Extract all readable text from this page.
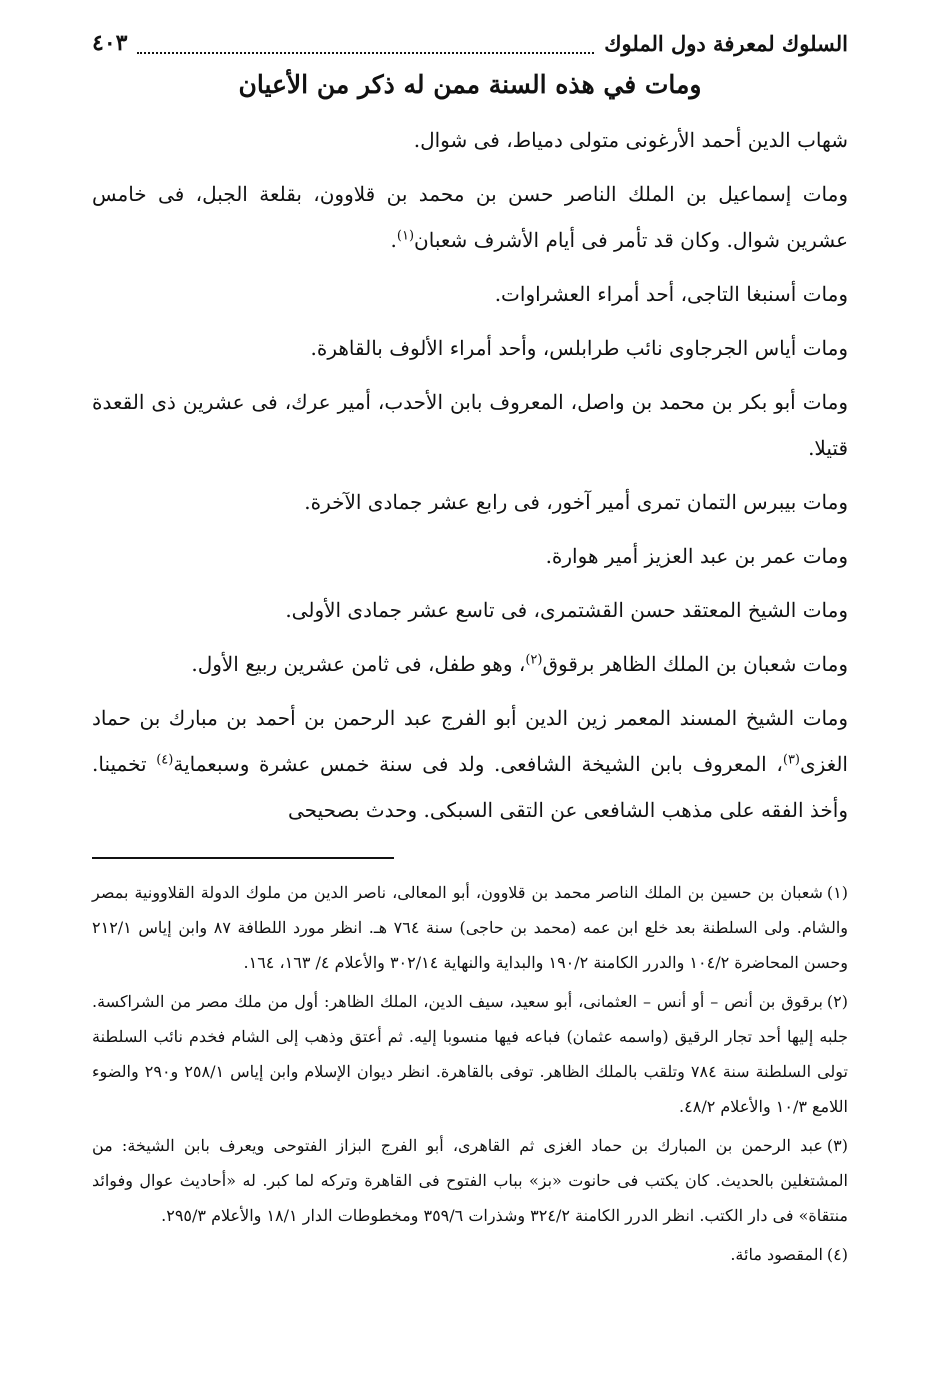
السلوك لمعرفة دول الملوك
٤٠٣
ومات في هذه السنة ممن له ذكر من الأعيان

شهاب الدين أحمد الأرغونى متولى دمياط، فى شوال.

ومات إسماعيل بن الملك الناصر حسن بن محمد بن قلاوون، بقلعة الجبل، فى خامس عشرين شوال. وكان قد تأمر فى أيام الأشرف شعبان$^{(١)}$.

ومات أسنبغا التاجى، أحد أمراء العشراوات.

ومات أياس الجرجاوى نائب طرابلس، وأحد أمراء الألوف بالقاهرة.

ومات أبو بكر بن محمد بن واصل، المعروف بابن الأحدب، أمير عرك، فى عشرين ذى القعدة قتيلا.

ومات بيبرس التمان تمرى أمير آخور، فى رابع عشر جمادى الآخرة.

ومات عمر بن عبد العزيز أمير هوارة.

ومات الشيخ المعتقد حسن القشتمرى، فى تاسع عشر جمادى الأولى.

ومات شعبان بن الملك الظاهر برقوق$^{(٢)}$، وهو طفل، فى ثامن عشرين ربيع الأول.

ومات الشيخ المسند المعمر زين الدين أبو الفرج عبد الرحمن بن أحمد بن مبارك بن حماد الغزى$^{(٣)}$، المعروف بابن الشيخة الشافعى. ولد فى سنة خمس عشرة وسبعماية$^{(٤)}$ تخمينا. وأخذ الفقه على مذهب الشافعى عن التقى السبكى. وحدث بصحيحى

(١)شعبان بن حسين بن الملك الناصر محمد بن قلاوون، أبو المعالى، ناصر الدين من ملوك الدولة القلاوونية بمصر والشام. ولى السلطنة بعد خلع ابن عمه (محمد بن حاجى) سنة ٧٦٤ هـ. انظر مورد اللطافة ٨٧ وابن إياس ٢١٢/١ وحسن المحاضرة ١٠٤/٢ والدرر الكامنة ١٩٠/٢ والبداية والنهاية ٣٠٢/١٤ والأعلام ٤/ ١٦٣، ١٦٤.

(٢)برقوق بن أنص – أو أنس – العثمانى، أبو سعيد، سيف الدين، الملك الظاهر: أول من ملك مصر من الشراكسة. جلبه إليها أحد تجار الرقيق (واسمه عثمان) فباعه فيها منسوبا إليه. ثم أعتق وذهب إلى الشام فخدم نائب السلطنة تولى السلطنة سنة ٧٨٤ وتلقب بالملك الظاهر. توفى بالقاهرة. انظر ديوان الإسلام وابن إياس ٢٥٨/١ و٢٩٠ والضوء اللامع ١٠/٣ والأعلام ٤٨/٢.

(٣)عبد الرحمن بن المبارك بن حماد الغزى ثم القاهرى، أبو الفرج البزاز الفتوحى ويعرف بابن الشيخة: من المشتغلين بالحديث. كان يكتب فى حانوت «بز» بباب الفتوح فى القاهرة وتركه لما كبر. له «أحاديث عوال وفوائد منتقاة» فى دار الكتب. انظر الدرر الكامنة ٣٢٤/٢ وشذرات ٣٥٩/٦ ومخطوطات الدار ١٨/١ والأعلام ٢٩٥/٣.

(٤)المقصود مائة.
